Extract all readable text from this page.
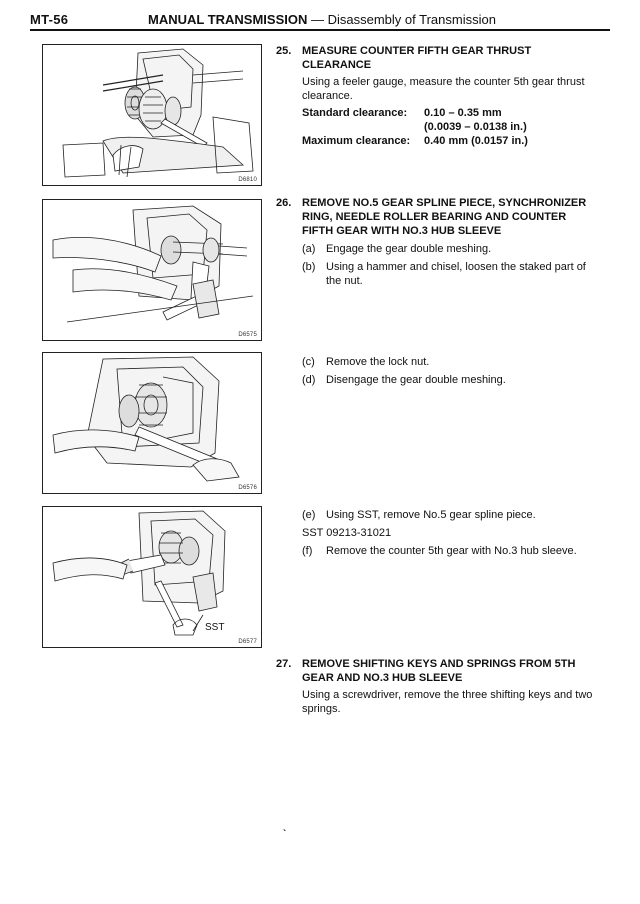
MT-56	MANUAL TRANSMISSION — Disassembly of Transmission
D6810
D6575
D6576
SST
D6577
25. MEASURE COUNTER FIFTH GEAR THRUST CLEARANCE
Using a feeler gauge, measure the counter 5th gear thrust clearance.
Standard clearance: 0.10 – 0.35 mm
(0.0039 – 0.0138 in.)
Maximum clearance: 0.40 mm (0.0157 in.)
26. REMOVE NO.5 GEAR SPLINE PIECE, SYNCHRONIZER RING, NEEDLE ROLLER BEARING AND COUNTER FIFTH GEAR WITH NO.3 HUB SLEEVE
(a) Engage the gear double meshing.
(b) Using a hammer and chisel, loosen the staked part of the nut.
(c) Remove the lock nut.
(d) Disengage the gear double meshing.
(e) Using SST, remove No.5 gear spline piece.
SST 09213-31021
(f) Remove the counter 5th gear with No.3 hub sleeve.
27. REMOVE SHIFTING KEYS AND SPRINGS FROM 5TH GEAR AND NO.3 HUB SLEEVE
Using a screwdriver, remove the three shifting keys and two springs.
ˎ
